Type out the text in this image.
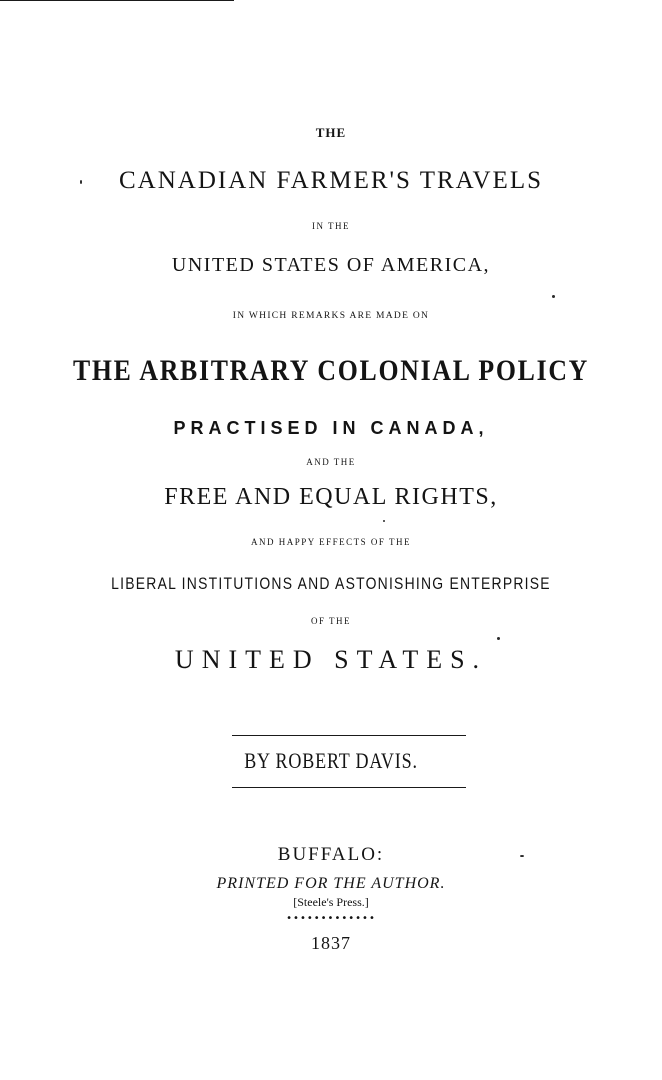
THE
CANADIAN FARMER'S TRAVELS
IN THE
UNITED STATES OF AMERICA,
IN WHICH REMARKS ARE MADE ON
THE ARBITRARY COLONIAL POLICY
PRACTISED IN CANADA,
AND THE
FREE AND EQUAL RIGHTS,
AND HAPPY EFFECTS OF THE
LIBERAL INSTITUTIONS AND ASTONISHING ENTERPRISE
OF THE
UNITED STATES.
BY ROBERT DAVIS.
BUFFALO:
PRINTED FOR THE AUTHOR.
[Steele's Press.]
•••••••••••••
1837
